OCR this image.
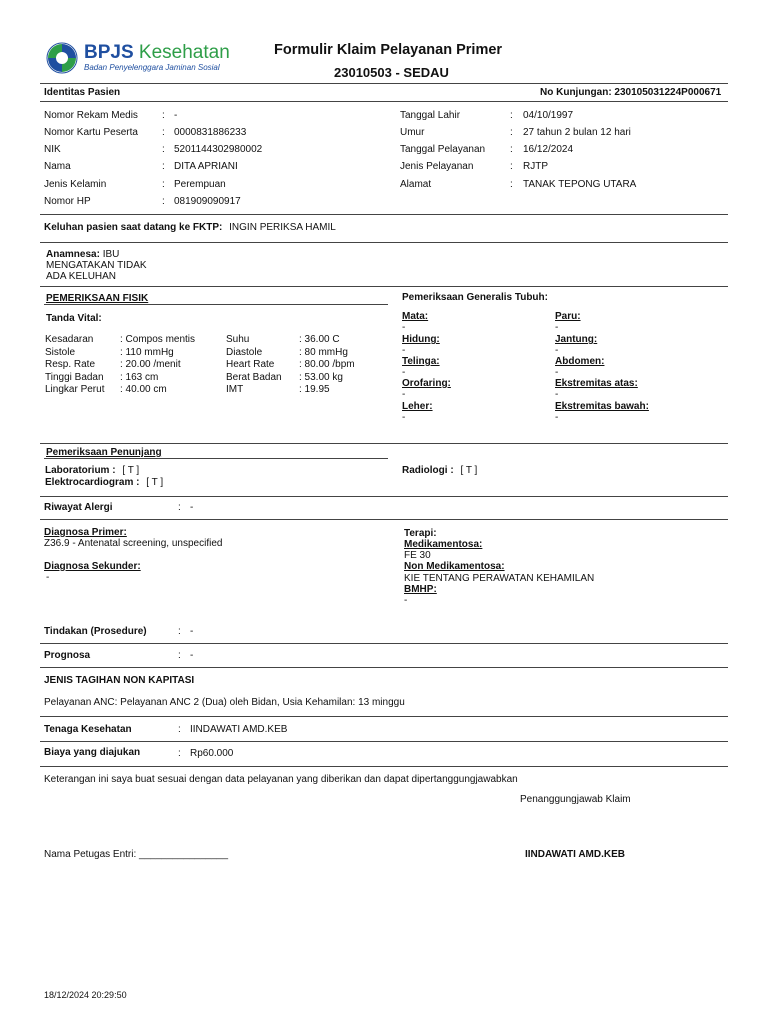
BPJS Kesehatan
Badan Penyelenggara Jaminan Sosial
Formulir Klaim Pelayanan Primer
23010503 - SEDAU
Identitas Pasien	No Kunjungan: 230105031224P000671
Nomor Rekam Medis : -
Nomor Kartu Peserta : 0000831886233
NIK	: 5201144302980002
Nama	: DITA APRIANI
Jenis Kelamin	: Perempuan
Nomor HP	: 081909090917
Tanggal Lahir	: 04/10/1997
Umur	: 27 tahun 2 bulan 12 hari
Tanggal Pelayanan : 16/12/2024
Jenis Pelayanan	: RJTP
Alamat	: TANAK TEPONG UTARA
Keluhan pasien saat datang ke FKTP: INGIN PERIKSA HAMIL
Anamnesa: IBU
MENGATAKAN TIDAK
ADA KELUHAN
PEMERIKSAAN FISIK	Pemeriksaan Generalis Tubuh:
Tanda Vital:
Kesadaran	: Compos mentis
Sistole	: 110 mmHg
Resp. Rate : 20.00 /menit
Tinggi Badan : 163 cm
Lingkar Perut : 40.00 cm
Suhu	: 36.00 C
Diastole	: 80 mmHg
Heart Rate : 80.00 /bpm
Berat Badan : 53.00 kg
IMT	: 19.95
Mata:
-
Hidung:
-
Telinga:
-
Orofaring:
-
Leher:
-
Paru:
-
Jantung:
-
Abdomen:
-
Ekstremitas atas:
-
Ekstremitas bawah:
-
Pemeriksaan Penunjang
Laboratorium : [ T ]
Elektrocardiogram : [ T ]
Radiologi : [ T ]
Riwayat Alergi	: -
Diagnosa Primer:
Z36.9 - Antenatal screening, unspecified
Diagnosa Sekunder:
-
Terapi:
Medikamentosa:
FE 30
Non Medikamentosa:
KIE TENTANG PERAWATAN KEHAMILAN
BMHP:
-
Tindakan (Prosedure)	: -
Prognosa	: -
JENIS TAGIHAN NON KAPITASI
Pelayanan ANC: Pelayanan ANC 2 (Dua) oleh Bidan, Usia Kehamilan: 13 minggu
Tenaga Kesehatan	: IINDAWATI AMD.KEB
Biaya yang diajukan	: Rp60.000
Keterangan ini saya buat sesuai dengan data pelayanan yang diberikan dan dapat dipertanggungjawabkan
Penanggungjawab Klaim
Nama Petugas Entri: ________________	IINDAWATI AMD.KEB
18/12/2024 20:29:50
